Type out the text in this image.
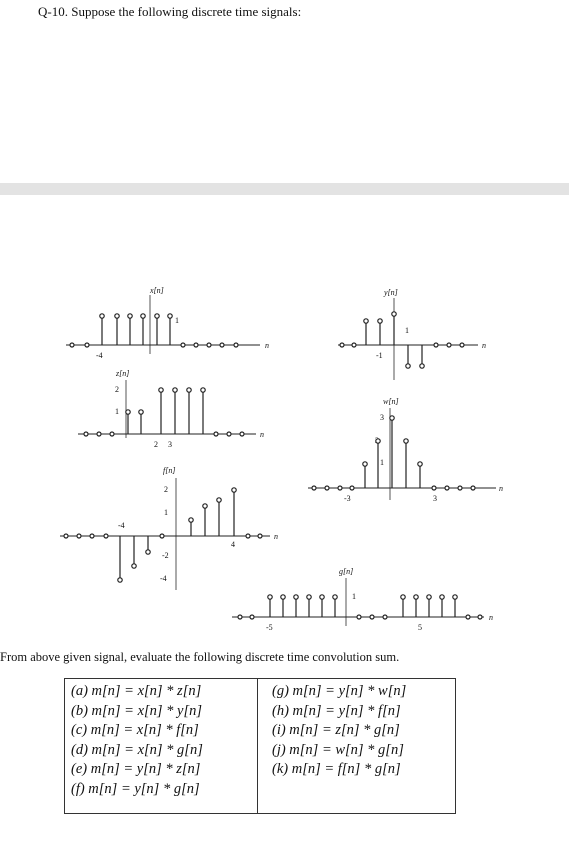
Q-10. Suppose the following discrete time signals:
x[n]
n
-4
1
y[n]
n
1
-1
z[n]
n
2
1
2 3
w[n]
n
3
1
-3	3
f[n]
n
2
1
-4
-2
-4
4
g[n]
n
1
-5	5
From above given signal, evaluate the following discrete time convolution sum.
(a) m[n] = x[n] * z[n]
(b) m[n] = x[n] * y[n]
(c) m[n] = x[n] * f[n]
(d) m[n] = x[n] * g[n]
(e) m[n] = y[n] * z[n]
(f) m[n] = y[n] * g[n]
(g) m[n] = y[n] * w[n]
(h) m[n] = y[n] * f[n]
(i) m[n] = z[n] * g[n]
(j) m[n] = w[n] * g[n]
(k) m[n] = f[n] * g[n]
